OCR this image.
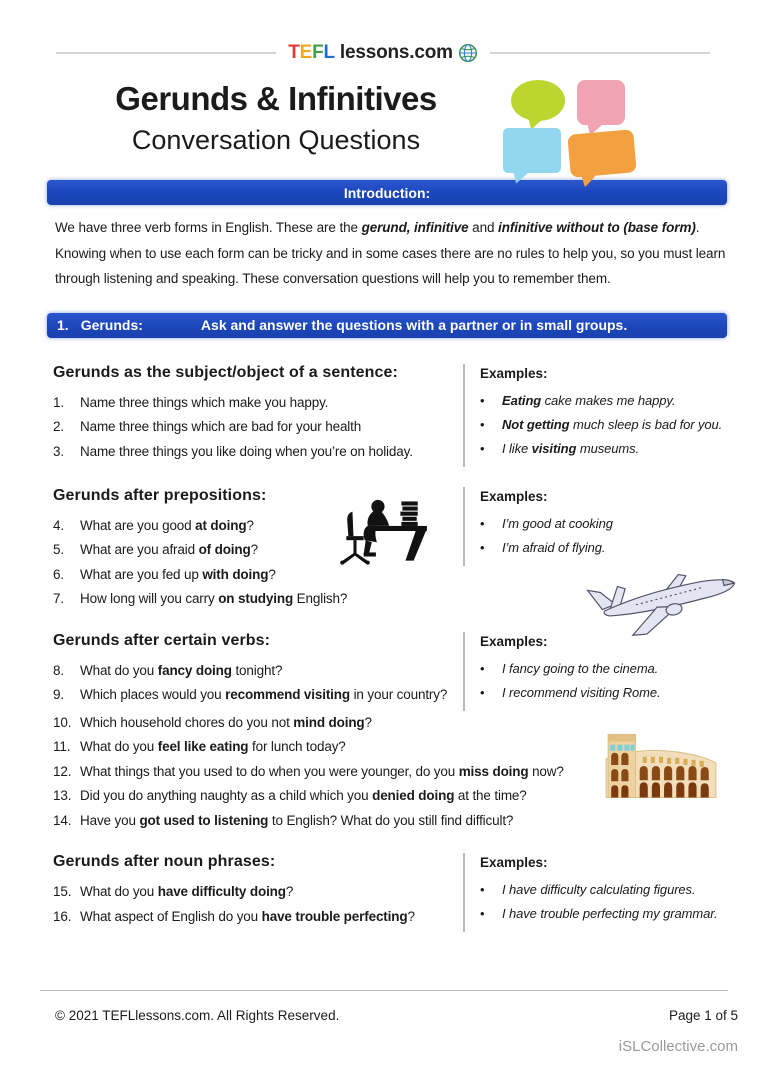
TEFL lessons.com
Gerunds & Infinitives
Conversation Questions
Introduction:

We have three verb forms in English. These are the gerund, infinitive and infinitive without to (base form). Knowing when to use each form can be tricky and in some cases there are no rules to help you, so you must learn through listening and speaking. These conversation questions will help you to remember them.

1. Gerunds:	Ask and answer the questions with a partner or in small groups.
Gerunds as the subject/object of a sentence:
1.	Name three things which make you happy.
2.	Name three things which are bad for your health
3.	Name three things you like doing when you’re on holiday.
Examples:
•	Eating cake makes me happy.
•	Not getting much sleep is bad for you.
•	I like visiting museums.
Gerunds after prepositions:
4.	What are you good at doing?
5.	What are you afraid of doing?
6.	What are you fed up with doing?
7.	How long will you carry on studying English?
Examples:
•	I’m good at cooking
•	I’m afraid of flying.
Gerunds after certain verbs:
8.	What do you fancy doing tonight?
9.	Which places would you recommend visiting in your country?
Examples:
•	I fancy going to the cinema.
•	I recommend visiting Rome.
10. Which household chores do you not mind doing?
11. What do you feel like eating for lunch today?
12. What things that you used to do when you were younger, do you miss doing now?
13. Did you do anything naughty as a child which you denied doing at the time?
14. Have you got used to listening to English? What do you still find difficult?
Gerunds after noun phrases:
15. What do you have difficulty doing?
16. What aspect of English do you have trouble perfecting?
Examples:
•	I have difficulty calculating figures.
•	I have trouble perfecting my grammar.
© 2021 TEFLlessons.com. All Rights Reserved.	Page 1 of 5
iSLCollective.com
